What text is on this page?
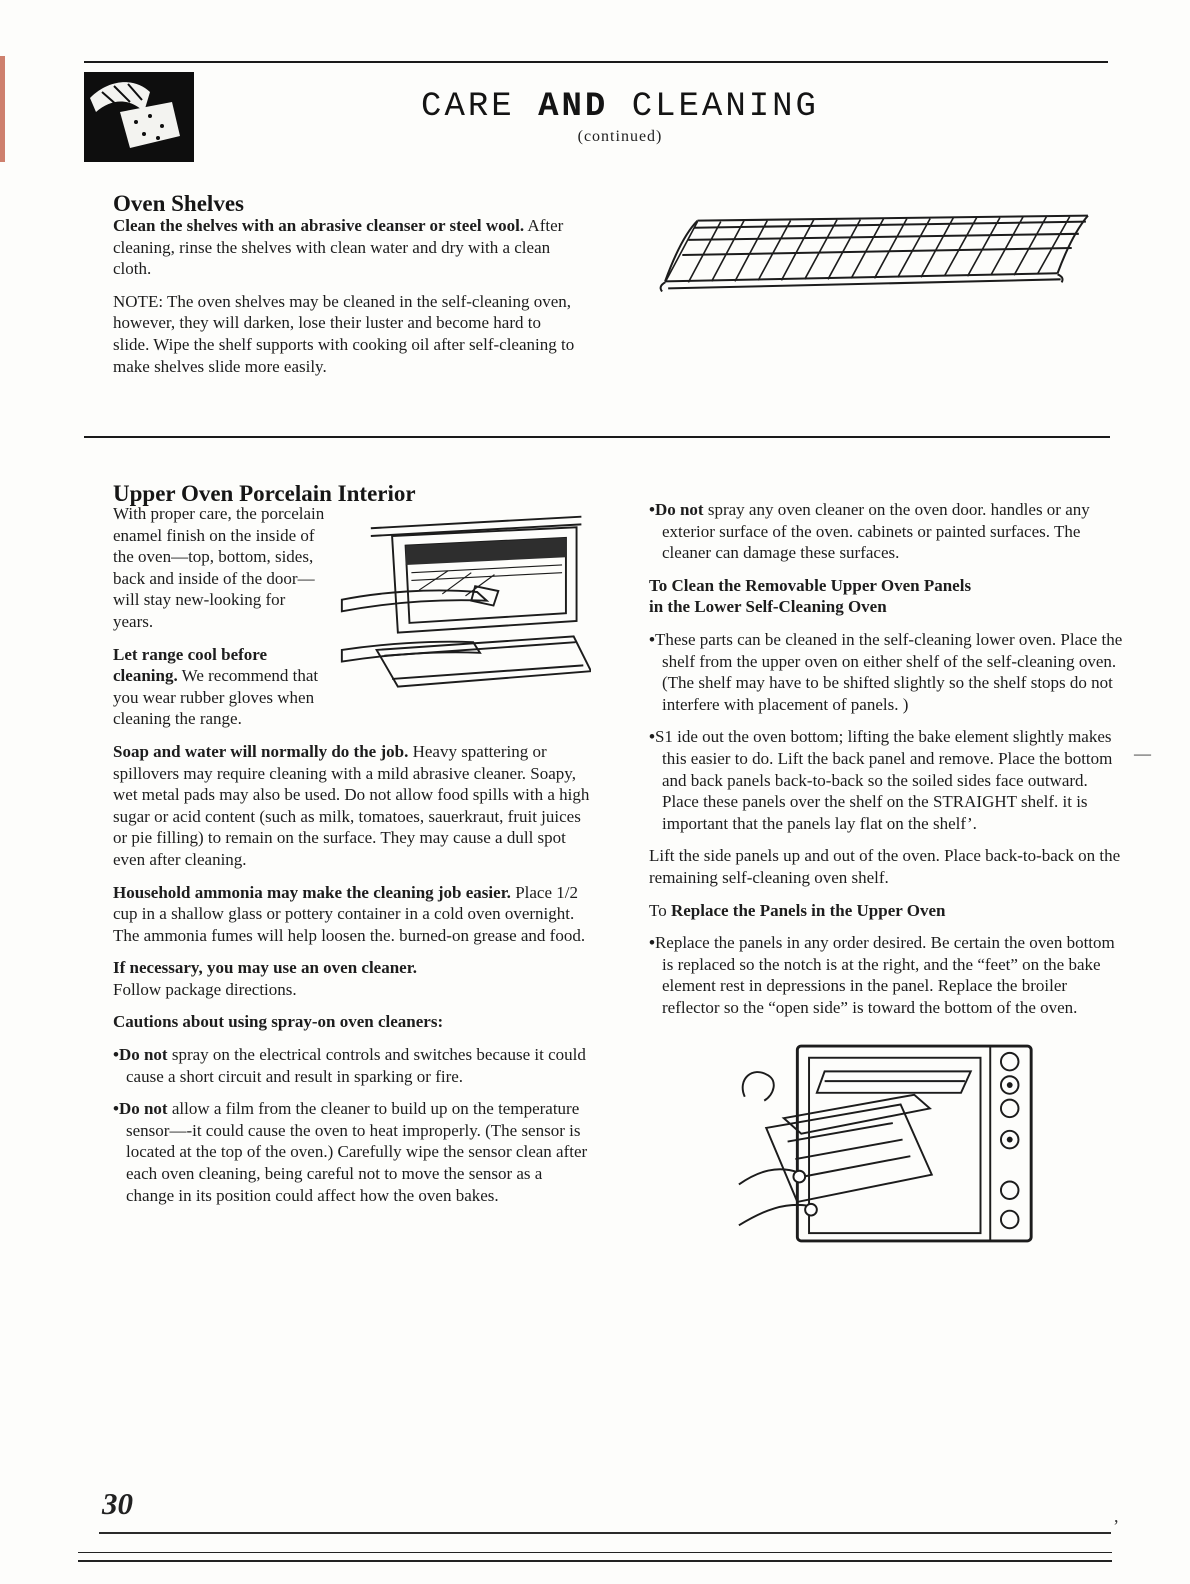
CARE AND CLEANING
(continued)
Oven Shelves

Clean the shelves with an abrasive cleanser or steel wool. After cleaning, rinse the shelves with clean water and dry with a clean cloth.

NOTE: The oven shelves may be cleaned in the self-cleaning oven, however, they will darken, lose their luster and become hard to slide. Wipe the shelf supports with cooking oil after self-cleaning to make shelves slide more easily.

Upper Oven Porcelain Interior

With proper care, the porcelain enamel finish on the inside of the oven—top, bottom, sides, back and inside of the door—will stay new-looking for years.

Let range cool before cleaning. We recommend that you wear rubber gloves when cleaning the range.

Soap and water will normally do the job. Heavy spattering or spillovers may require cleaning with a mild abrasive cleaner. Soapy, wet metal pads may also be used. Do not allow food spills with a high sugar or acid content (such as milk, tomatoes, sauerkraut, fruit juices or pie filling) to remain on the surface. They may cause a dull spot even after cleaning.

Household ammonia may make the cleaning job easier. Place 1/2 cup in a shallow glass or pottery container in a cold oven overnight. The ammonia fumes will help loosen the. burned-on grease and food.

If necessary, you may use an oven cleaner.
Follow package directions.

Cautions about using spray-on oven cleaners:

•Do not spray on the electrical controls and switches because it could cause a short circuit and result in sparking or fire.

•Do not allow a film from the cleaner to build up on the temperature sensor—-it could cause the oven to heat improperly. (The sensor is located at the top of the oven.) Carefully wipe the sensor clean after each oven cleaning, being careful not to move the sensor as a change in its position could affect how the oven bakes.

•Do not spray any oven cleaner on the oven door. handles or any exterior surface of the oven. cabinets or painted surfaces. The cleaner can damage these surfaces.

To Clean the Removable Upper Oven Panels
in the Lower Self-Cleaning Oven

•These parts can be cleaned in the self-cleaning lower oven. Place the shelf from the upper oven on either shelf of the self-cleaning oven. (The shelf may have to be shifted slightly so the shelf stops do not interfere with placement of panels. )

•S1 ide out the oven bottom; lifting the bake element slightly makes this easier to do. Lift the back panel and remove. Place the bottom and back panels back-to-back so the soiled sides face outward. Place these panels over the shelf on the STRAIGHT shelf. it is important that the panels lay flat on the shelf’.

Lift the side panels up and out of the oven. Place back-to-back on the remaining self-cleaning oven shelf.

To Replace the Panels in the Upper Oven

•Replace the panels in any order desired. Be certain the oven bottom is replaced so the notch is at the right, and the “feet” on the bake element rest in depressions in the panel. Replace the broiler reflector so the “open side” is toward the bottom of the oven.

—
30	,
